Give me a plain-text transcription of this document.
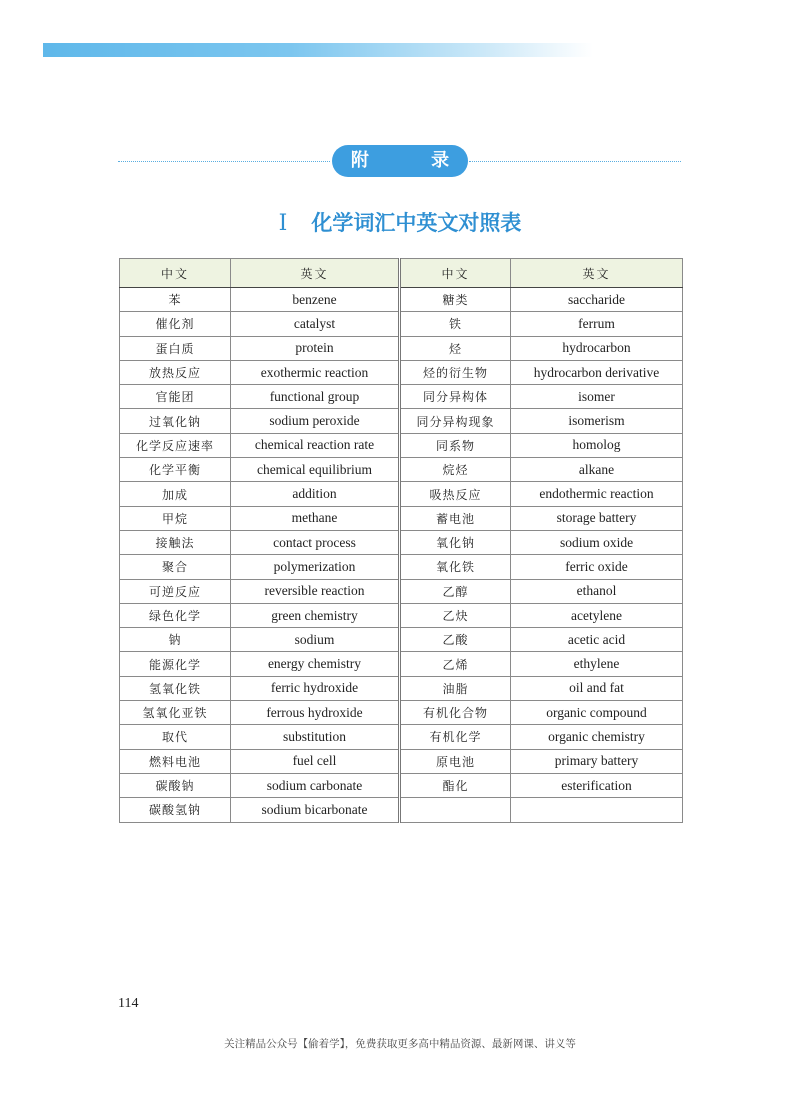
附 录
I 化学词汇中英文对照表
中文	英文	中文	英文
苯	benzene	糖类	saccharide
催化剂	catalyst	铁	ferrum
蛋白质	protein	烃	hydrocarbon
放热反应	exothermic reaction	烃的衍生物	hydrocarbon derivative
官能团	functional group	同分异构体	isomer
过氧化钠	sodium peroxide	同分异构现象	isomerism
化学反应速率	chemical reaction rate	同系物	homolog
化学平衡	chemical equilibrium	烷烃	alkane
加成	addition	吸热反应	endothermic reaction
甲烷	methane	蓄电池	storage battery
接触法	contact process	氧化钠	sodium oxide
聚合	polymerization	氧化铁	ferric oxide
可逆反应	reversible reaction	乙醇	ethanol
绿色化学	green chemistry	乙炔	acetylene
钠	sodium	乙酸	acetic acid
能源化学	energy chemistry	乙烯	ethylene
氢氧化铁	ferric hydroxide	油脂	oil and fat
氢氧化亚铁	ferrous hydroxide	有机化合物	organic compound
取代	substitution	有机化学	organic chemistry
燃料电池	fuel cell	原电池	primary battery
碳酸钠	sodium carbonate	酯化	esterification
碳酸氢钠	sodium bicarbonate		
114
关注精品公众号【偷着学】，免费获取更多高中精品资源、最新网课、讲义等
